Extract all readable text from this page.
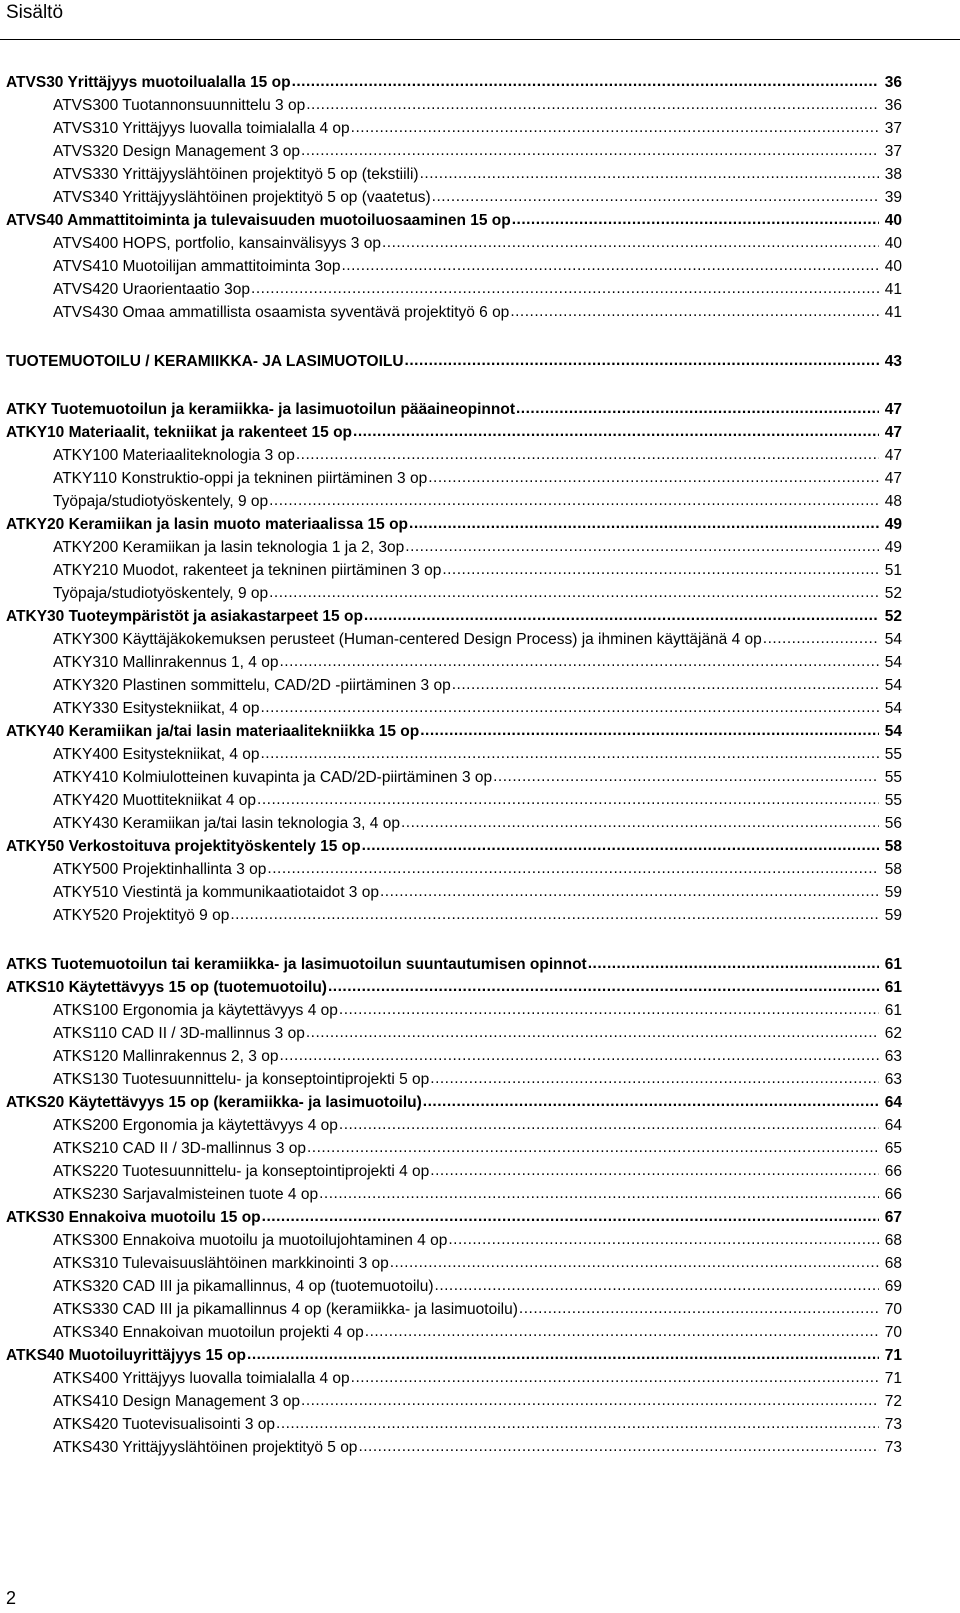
Sisältö
ATVS30 Yrittäjyys muotoilualalla 15 op .....	36
ATVS300 Tuotannonsuunnittelu 3 op .....	36
ATVS310 Yrittäjyys luovalla toimialalla 4 op .....	37
ATVS320 Design Management 3 op .....	37
ATVS330 Yrittäjyyslähtöinen projektityö 5 op (tekstiili) .....	38
ATVS340 Yrittäjyyslähtöinen projektityö 5 op (vaatetus) .....	39
ATVS40 Ammattitoiminta ja tulevaisuuden muotoiluosaaminen 15 op .....	40
ATVS400 HOPS, portfolio, kansainvälisyys 3 op .....	40
ATVS410 Muotoilijan ammattitoiminta 3op .....	40
ATVS420 Uraorientaatio 3op .....	41
ATVS430 Omaa ammatillista osaamista syventävä projektityö 6 op .....	41
TUOTEMUOTOILU / KERAMIIKKA- JA LASIMUOTOILU .....	43
ATKY Tuotemuotoilun ja keramiikka- ja lasimuotoilun pääaineopinnot .....	47
ATKY10 Materiaalit, tekniikat ja rakenteet 15 op .....	47
ATKY100 Materiaaliteknologia 3 op .....	47
ATKY110 Konstruktio-oppi ja tekninen piirtäminen 3 op .....	47
Työpaja/studiotyöskentely, 9 op .....	48
ATKY20 Keramiikan ja lasin muoto materiaalissa 15 op .....	49
ATKY200 Keramiikan ja lasin teknologia 1 ja 2, 3op .....	49
ATKY210 Muodot, rakenteet ja tekninen piirtäminen 3 op .....	51
Työpaja/studiotyöskentely, 9 op .....	52
ATKY30 Tuoteympäristöt ja asiakastarpeet 15 op .....	52
ATKY300 Käyttäjäkokemuksen perusteet (Human-centered Design Process) ja ihminen käyttäjänä 4 op .....	54
ATKY310 Mallinrakennus 1, 4 op .....	54
ATKY320 Plastinen sommittelu, CAD/2D -piirtäminen 3 op .....	54
ATKY330 Esitystekniikat, 4 op .....	54
ATKY40 Keramiikan ja/tai lasin materiaalitekniikka 15 op .....	54
ATKY400 Esitystekniikat, 4 op .....	55
ATKY410 Kolmiulotteinen kuvapinta ja CAD/2D-piirtäminen 3 op .....	55
ATKY420 Muottitekniikat 4 op .....	55
ATKY430 Keramiikan ja/tai lasin teknologia 3, 4 op .....	56
ATKY50 Verkostoituva projektityöskentely 15 op .....	58
ATKY500 Projektinhallinta 3 op .....	58
ATKY510 Viestintä ja kommunikaatiotaidot 3 op .....	59
ATKY520 Projektityö 9 op .....	59
ATKS Tuotemuotoilun tai keramiikka- ja lasimuotoilun suuntautumisen opinnot .....	61
ATKS10 Käytettävyys 15 op (tuotemuotoilu) .....	61
ATKS100 Ergonomia ja käytettävyys 4 op .....	61
ATKS110 CAD II / 3D-mallinnus 3 op .....	62
ATKS120 Mallinrakennus 2, 3 op .....	63
ATKS130 Tuotesuunnittelu- ja konseptointiprojekti 5 op .....	63
ATKS20 Käytettävyys 15 op (keramiikka- ja lasimuotoilu) .....	64
ATKS200 Ergonomia ja käytettävyys 4 op .....	64
ATKS210 CAD II / 3D-mallinnus 3 op .....	65
ATKS220 Tuotesuunnittelu- ja konseptointiprojekti 4 op .....	66
ATKS230 Sarjavalmisteinen tuote 4 op .....	66
ATKS30 Ennakoiva muotoilu 15 op .....	67
ATKS300 Ennakoiva muotoilu ja muotoilujohtaminen 4 op .....	68
ATKS310 Tulevaisuuslähtöinen markkinointi 3 op .....	68
ATKS320 CAD III ja pikamallinnus, 4 op (tuotemuotoilu) .....	69
ATKS330 CAD III ja pikamallinnus 4 op (keramiikka- ja lasimuotoilu) .....	70
ATKS340 Ennakoivan muotoilun projekti 4 op .....	70
ATKS40 Muotoiluyrittäjyys 15 op .....	71
ATKS400 Yrittäjyys luovalla toimialalla 4 op .....	71
ATKS410 Design Management 3 op .....	72
ATKS420 Tuotevisualisointi 3 op .....	73
ATKS430 Yrittäjyyslähtöinen projektityö 5 op .....	73
2
